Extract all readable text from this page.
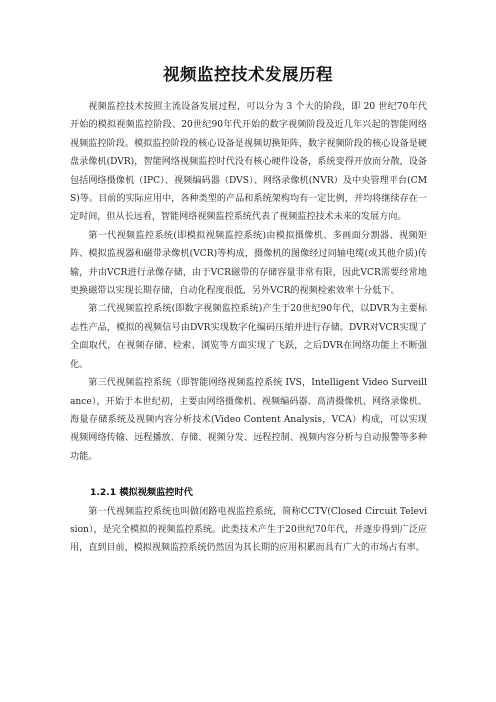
视频监控技术发展历程

视频监控技术按照主流设备发展过程，可以分为 3 个大的阶段，即 20 世纪70年代开始的模拟视频监控阶段、20世纪90年代开始的数字视频阶段及近几年兴起的智能网络视频监控阶段。模拟监控阶段的核心设备是视频切换矩阵，数字视频阶段的核心设备是硬盘录像机(DVR)，智能网络视频监控时代没有核心硬件设备，系统变得开放而分散，设备包括网络摄像机（IPC）、视频编码器（DVS）、网络录像机(NVR）及中央管理平台(CMS)等。目前的实际应用中，各种类型的产品和系统架构均有一定比例，并均将继续存在一定时间，但从长远看，智能网络视频监控系统代表了视频监控技术未来的发展方向。

第一代视频监控系统(即模拟视频监控系统)由模拟摄像机、多画面分割器、视频矩阵、模拟监视器和磁带录像机(VCR)等构成，摄像机的图像经过同轴电缆(或其他介质)传输，并由VCR进行录像存储，由于VCR磁带的存储容量非常有限，因此VCR需要经常地更换磁带以实现长期存储，自动化程度很低，另外VCR的视频检索效率十分低下。

第二代视频监控系统(即数字视频监控系统)产生于20世纪90年代，以DVR为主要标志性产品，模拟的视频信号由DVR实现数字化编码压缩并进行存储。DVR对VCR实现了全面取代，在视频存储、检索、浏览等方面实现了飞跃，之后DVR在网络功能上不断强化。

第三代视频监控系统（即智能网络视频监控系统 IVS，Intelligent Video Surveillance），开始于本世纪初，主要由网络摄像机、视频编码器、高清摄像机、网络录像机、海量存储系统及视频内容分析技术(Video Content Analysis，VCA）构成，可以实现视频网络传输、远程播放、存储、视频分发、远程控制、视频内容分析与自动报警等多种功能。

1.2.1 模拟视频监控时代

第一代视频监控系统也叫做闭路电视监控系统，简称CCTV(Closed Circuit Television），是完全模拟的视频监控系统。此类技术产生于20世纪70年代，并逐步得到广泛应用，直到目前，模拟视频监控系统仍然因为其长期的应用积累而具有广大的市场占有率。
